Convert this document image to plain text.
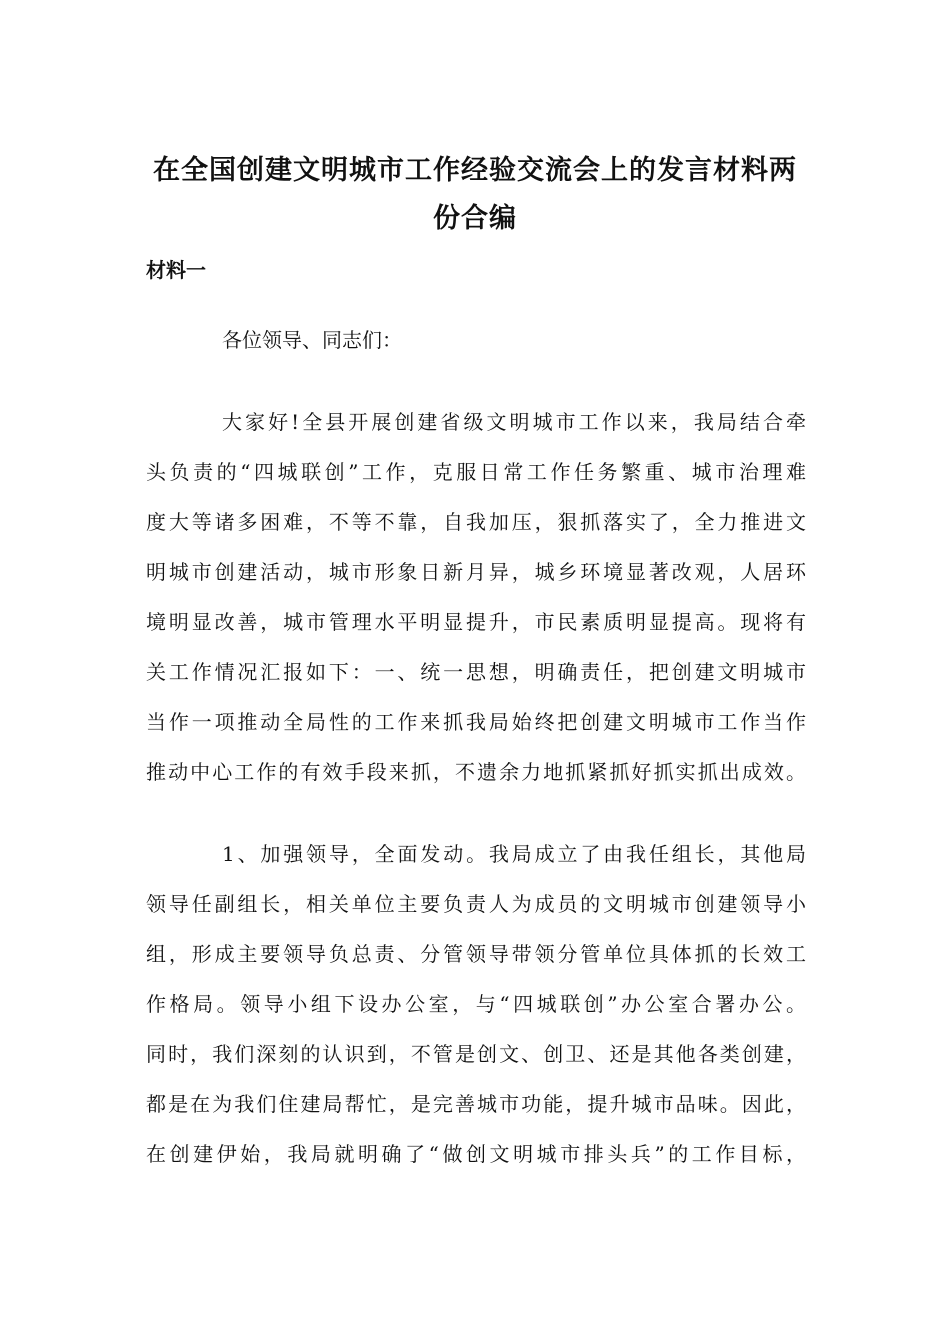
在全国创建文明城市工作经验交流会上的发言材料两
份合编
材料一
各位领导、同志们：
大家好!全县开展创建省级文明城市工作以来，我局结合牵
头负责的“四城联创”工作，克服日常工作任务繁重、城市治理难
度大等诸多困难，不等不靠，自我加压，狠抓落实了，全力推进文
明城市创建活动，城市形象日新月异，城乡环境显著改观，人居环
境明显改善，城市管理水平明显提升，市民素质明显提高。现将有
关工作情况汇报如下：一、统一思想，明确责任，把创建文明城市
当作一项推动全局性的工作来抓我局始终把创建文明城市工作当作
推动中心工作的有效手段来抓，不遗余力地抓紧抓好抓实抓出成效。
1、加强领导，全面发动。我局成立了由我任组长，其他局
领导任副组长，相关单位主要负责人为成员的文明城市创建领导小
组，形成主要领导负总责、分管领导带领分管单位具体抓的长效工
作格局。领导小组下设办公室，与“四城联创”办公室合署办公。
同时，我们深刻的认识到，不管是创文、创卫、还是其他各类创建，
都是在为我们住建局帮忙，是完善城市功能，提升城市品味。因此，
在创建伊始，我局就明确了“做创文明城市排头兵”的工作目标，
